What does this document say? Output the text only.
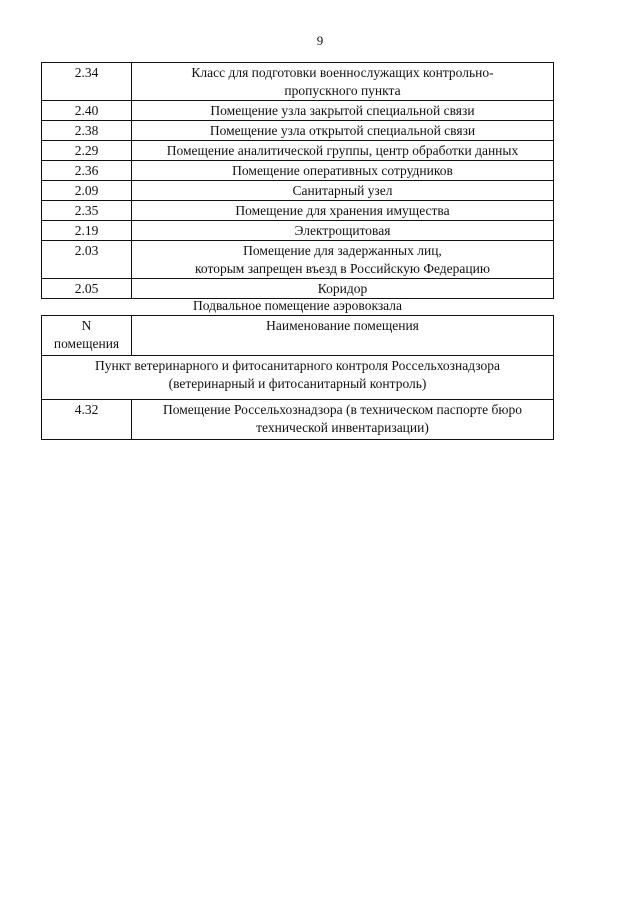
9
2.34	Класс для подготовки военнослужащих контрольно-
пропускного пункта

2.40	Помещение узла закрытой специальной связи
2.38	Помещение узла открытой специальной связи
2.29	Помещение аналитической группы, центр обработки данных
2.36	Помещение оперативных сотрудников
2.09	Санитарный узел
2.35	Помещение для хранения имущества
2.19	Электрощитовая
2.03	Помещение для задержанных лиц,
которым запрещен въезд в Российскую Федерацию

2.05	Коридор
Подвальное помещение аэровокзала
N
помещения	Наименование помещения

Пункт ветеринарного и фитосанитарного контроля Россельхознадзора
(ветеринарный и фитосанитарный контроль)	

4.32	Помещение Россельхознадзора (в техническом паспорте бюро
технической инвентаризации)
